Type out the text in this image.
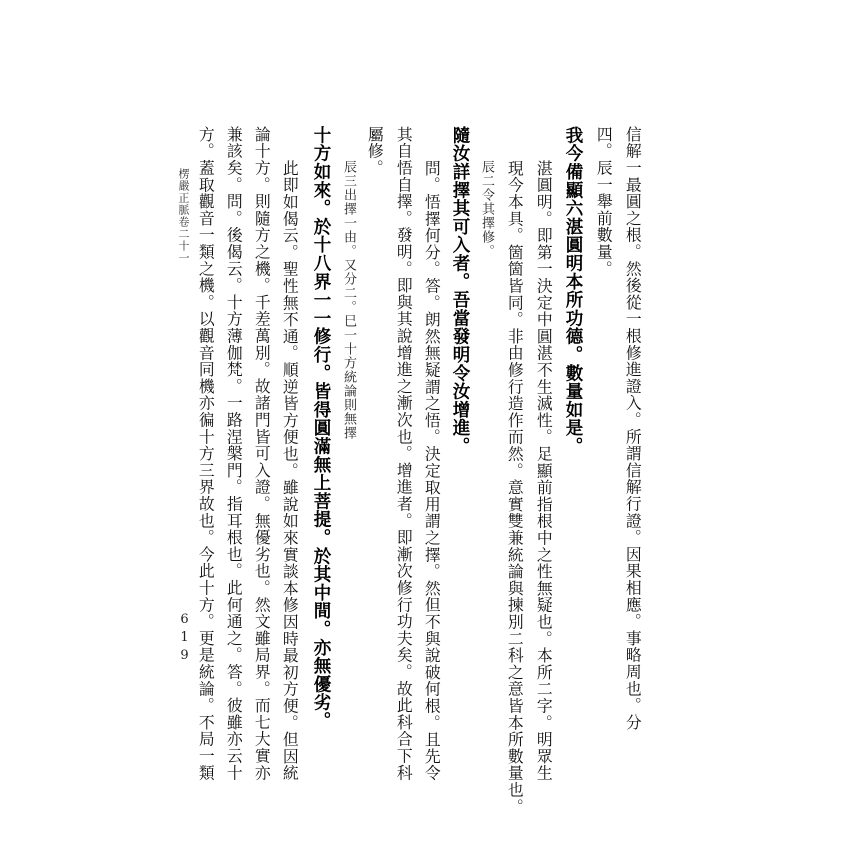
信解一最圓之根。然後從一根修進證入。所謂信解行證。因果相應。事略周也。分
四。辰一舉前數量。
我今備顯六湛圓明本所功德。數量如是。
湛圓明。即第一決定中圓湛不生滅性。足顯前指根中之性無疑也。本所二字。明眾生
現今本具。箇箇皆同。非由修行造作而然。意實雙兼統論與揀別二科之意皆本所數量也。
辰二令其擇修。
隨汝詳擇其可入者。吾當發明令汝增進。
問。悟擇何分。答。朗然無疑謂之悟。決定取用謂之擇。然但不與說破何根。且先令
其自悟自擇。發明。即與其說增進之漸次也。增進者。即漸次修行功夫矣。故此科合下科
屬修。
辰三出擇一由。又分二。巳一十方統論則無擇
十方如來。於十八界一一修行。皆得圓滿無上菩提。於其中間。亦無優劣。
此即如偈云。聖性無不通。順逆皆方便也。雖說如來實談本修因時最初方便。但因統
論十方。則隨方之機。千差萬別。故諸門皆可入證。無優劣也。然文雖局界。而七大實亦
兼該矣。問。後偈云。十方薄伽梵。一路涅槃門。指耳根也。此何通之。答。彼雖亦云十
方。蓋取觀音一類之機。以觀音同機亦徧十方三界故也。今此十方。更是統論。不局一類
楞嚴正脈卷二十一
619
